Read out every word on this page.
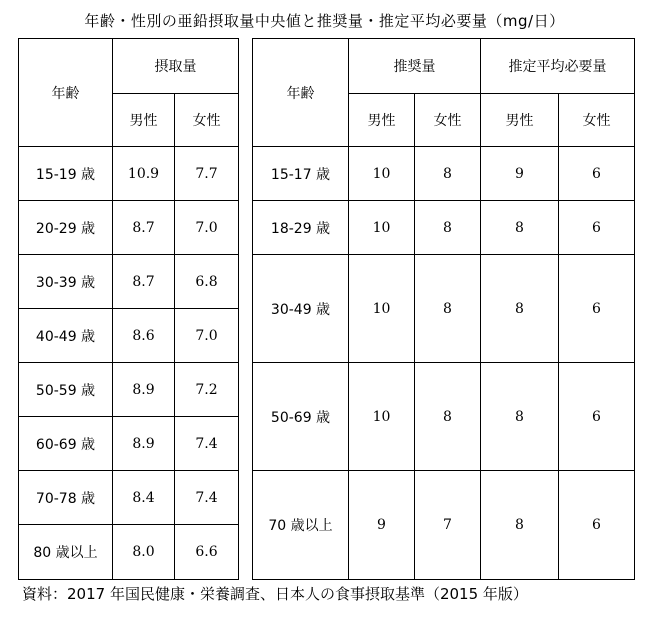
年齢・性別の亜鉛摂取量中央値と推奨量・推定平均必要量（mg/日）
年齢	摂取量	
	男性	女性
15-19 歳	10.9	7.7
20-29 歳	8.7	7.0
30-39 歳	8.7	6.8
40-49 歳	8.6	7.0
50-59 歳	8.9	7.2
60-69 歳	8.9	7.4
70-78 歳	8.4	7.4
80 歳以上	8.0	6.6
年齢	推奨量		推定平均必要量	
	男性	女性	男性	女性
15-17 歳	10	8	9	6
18-29 歳	10	8	8	6
30-49 歳	10	8	8	6
50-69 歳	10	8	8	6
70 歳以上	9	7	8	6
資料：2017 年国民健康・栄養調査、日本人の食事摂取基準（2015 年版）
